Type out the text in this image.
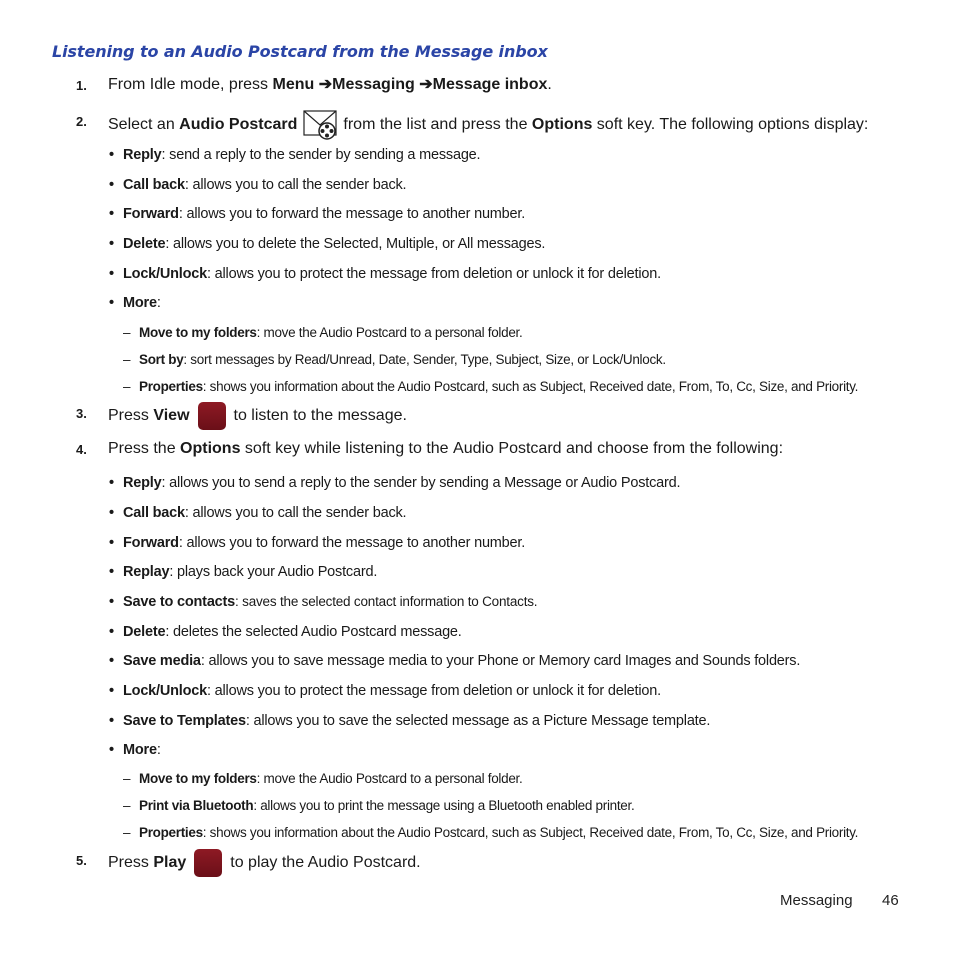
Listening to an Audio Postcard from the Message inbox
1. From Idle mode, press Menu ➔Messaging ➔Message inbox .
2. Select an Audio Postcard	from the list and press the Options soft key. The following options display:
• Reply: send a reply to the sender by sending a message.
• Call back: allows you to call the sender back.
• Forward: allows you to forward the message to another number.
• Delete: allows you to delete the Selected, Multiple, or All messages.
• Lock/Unlock: allows you to protect the message from deletion or unlock it for deletion.
• More:
– Move to my folders: move the Audio Postcard to a personal folder.
– Sort by: sort messages by Read/Unread, Date, Sender, Type, Subject, Size, or Lock/Unlock.
– Properties: shows you information about the Audio Postcard, such as Subject, Received date, From, To, Cc, Size, and Priority.
3. Press View	to listen to the message.
4. Press the Options soft key while listening to the Audio Postcard and choose from the following:
• Reply: allows you to send a reply to the sender by sending a Message or Audio Postcard.
• Call back: allows you to call the sender back.
• Forward: allows you to forward the message to another number.
• Replay: plays back your Audio Postcard.
• Save to contacts: saves the selected contact information to Contacts.
• Delete: deletes the selected Audio Postcard message.
• Save media: allows you to save message media to your Phone or Memory card Images and Sounds folders.
• Lock/Unlock: allows you to protect the message from deletion or unlock it for deletion.
• Save to Templates: allows you to save the selected message as a Picture Message template.
• More:
– Move to my folders: move the Audio Postcard to a personal folder.
– Print via Bluetooth: allows you to print the message using a Bluetooth enabled printer.
– Properties: shows you information about the Audio Postcard, such as Subject, Received date, From, To, Cc, Size, and Priority.
5. Press Play	to play the Audio Postcard.
Messaging 46
